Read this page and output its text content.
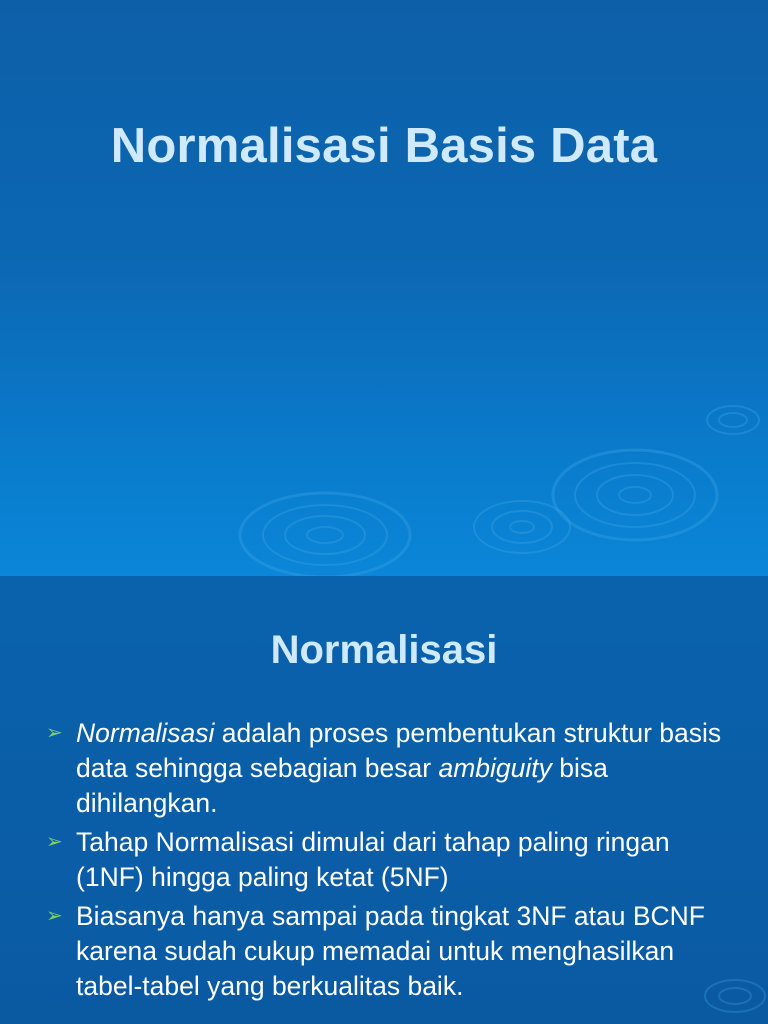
Normalisasi Basis Data
Normalisasi
➢ Normalisasi adalah proses pembentukan struktur basis data sehingga sebagian besar ambiguity bisa dihilangkan.
➢ Tahap Normalisasi dimulai dari tahap paling ringan (1NF) hingga paling ketat (5NF)
➢ Biasanya hanya sampai pada tingkat 3NF atau BCNF karena sudah cukup memadai untuk menghasilkan tabel-tabel yang berkualitas baik.
